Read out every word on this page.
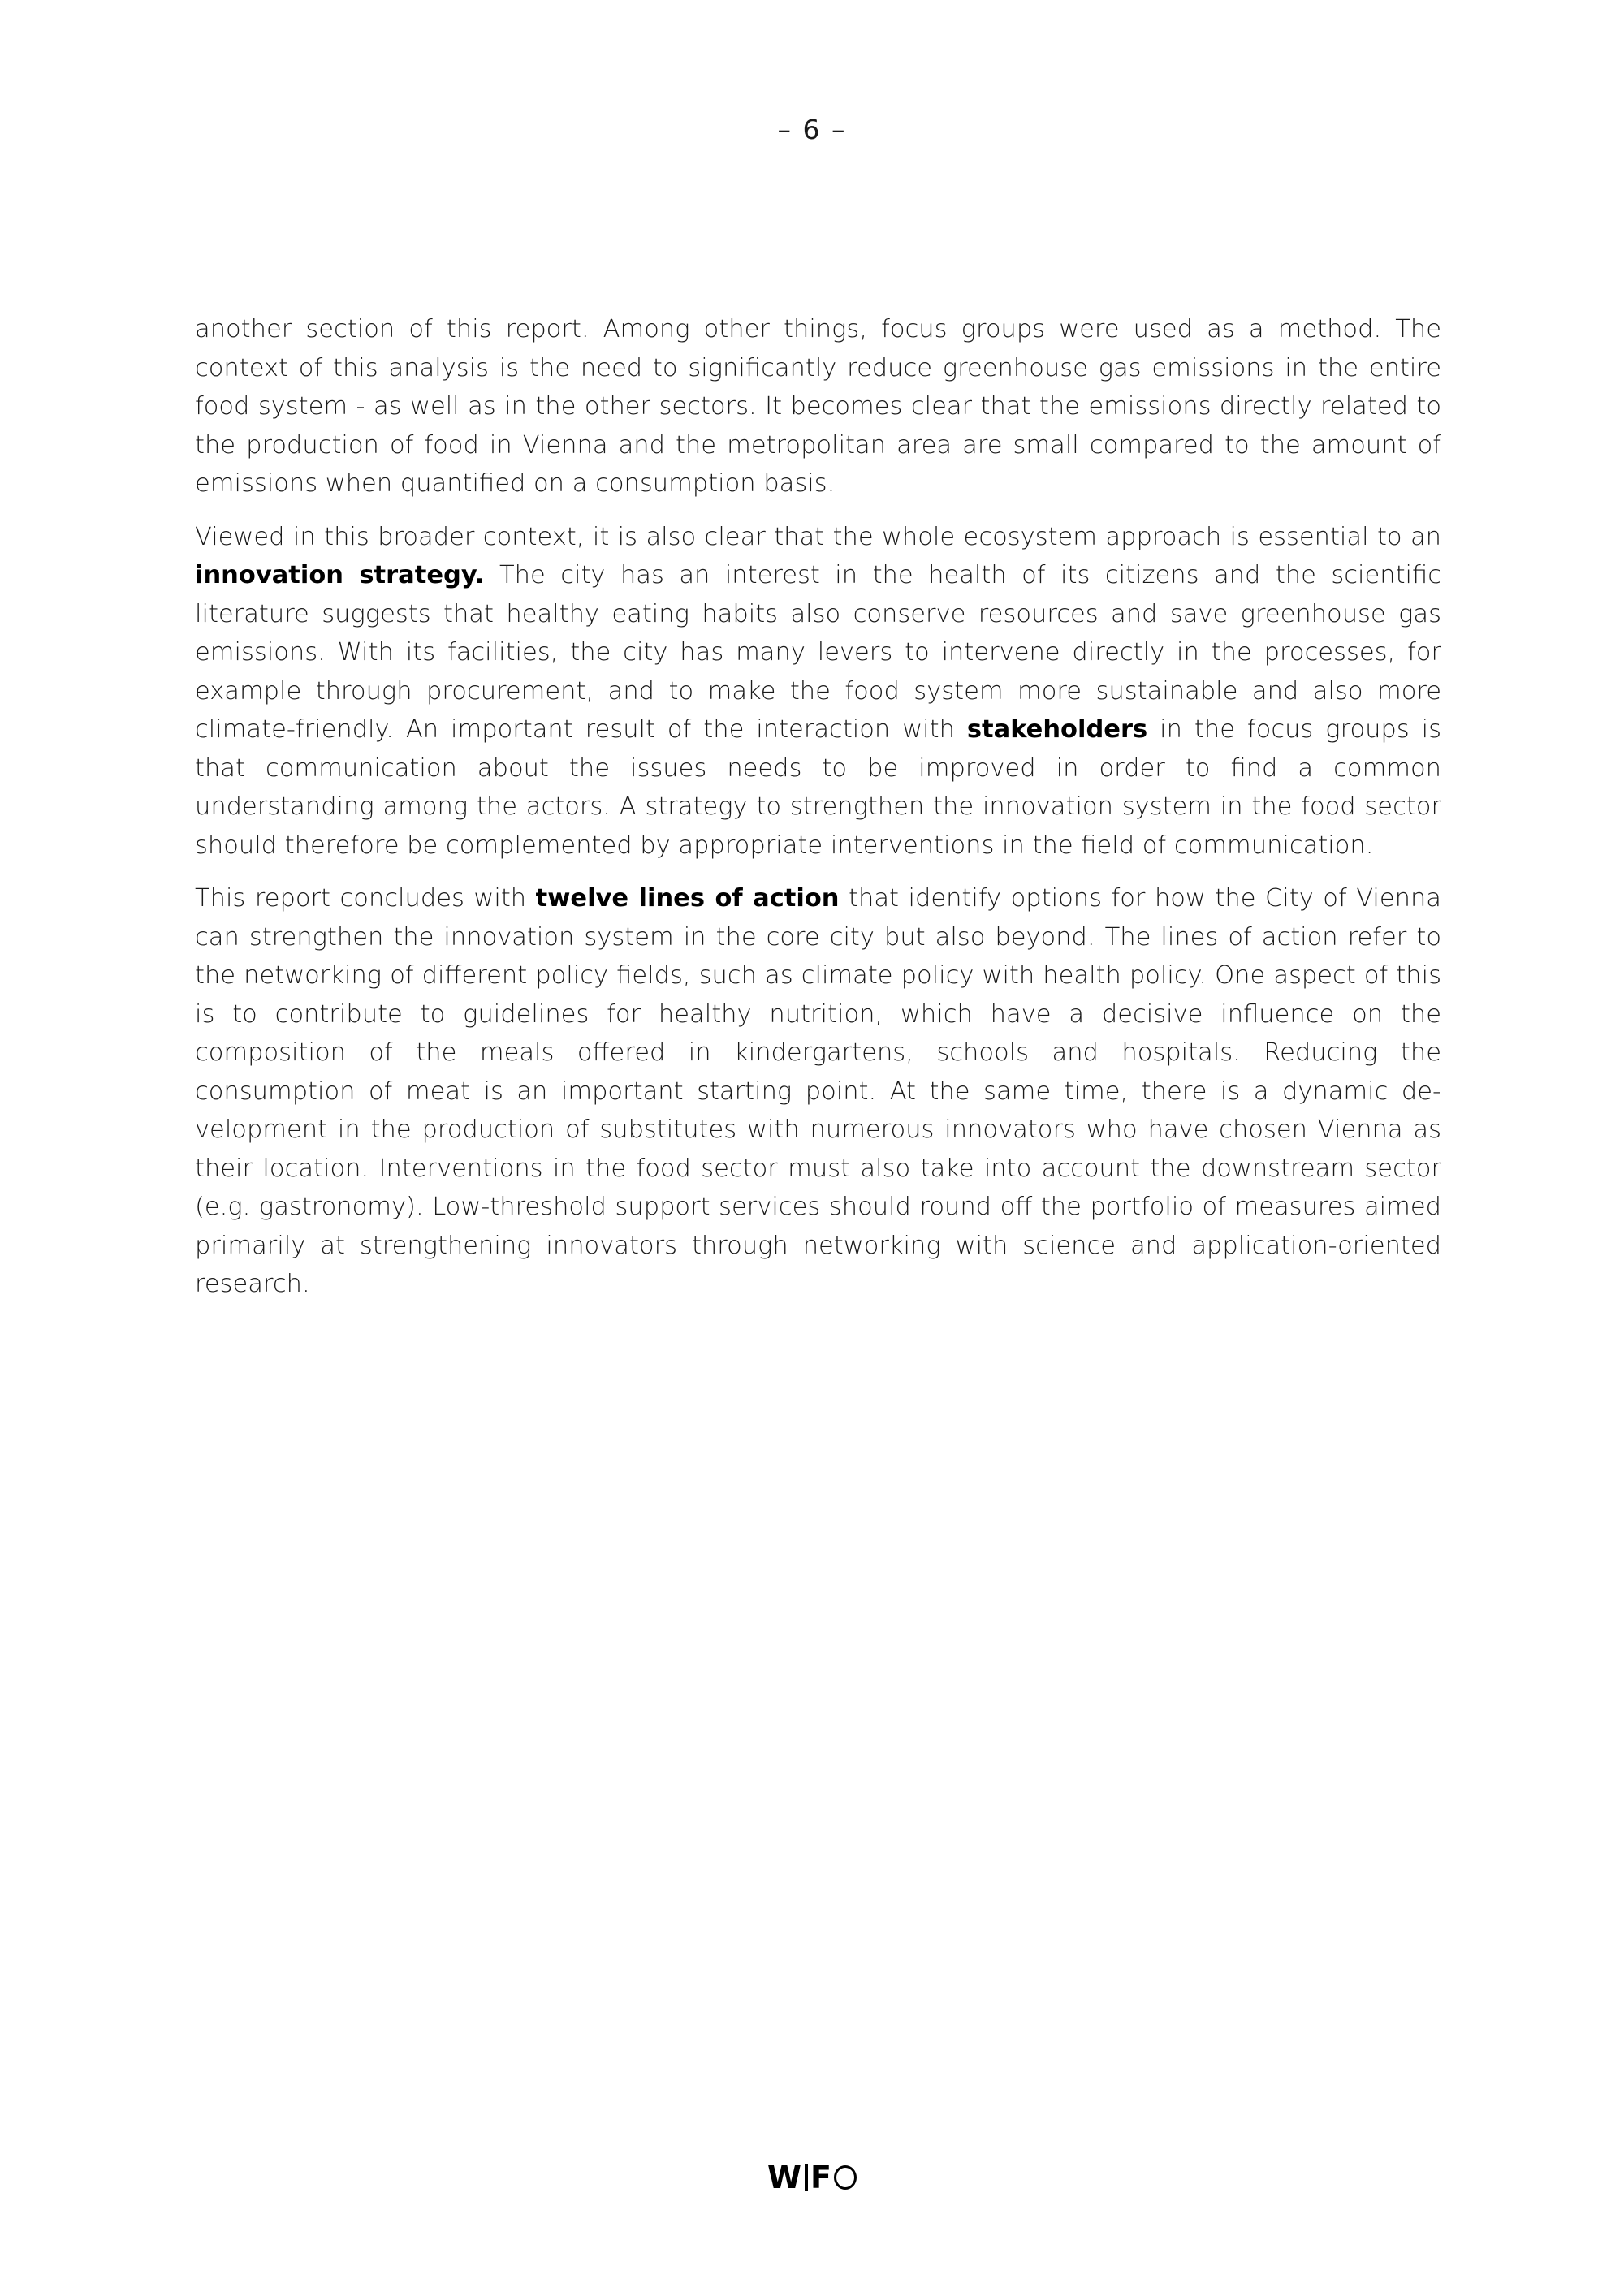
– 6 –

another section of this report. Among other things, focus groups were used as a method. The context of this analysis is the need to significantly reduce greenhouse gas emissions in the entire food system - as well as in the other sectors. It becomes clear that the emissions directly related to the production of food in Vienna and the metropolitan area are small compared to the amount of emissions when quantified on a consumption basis.

Viewed in this broader context, it is also clear that the whole ecosystem approach is essential to an innovation strategy. The city has an interest in the health of its citizens and the scientific literature suggests that healthy eating habits also conserve resources and save greenhouse gas emissions. With its facilities, the city has many levers to intervene directly in the processes, for example through procurement, and to make the food system more sustainable and also more climate-friendly. An important result of the interaction with stakeholders in the focus groups is that communication about the issues needs to be improved in order to find a common understanding among the actors. A strategy to strengthen the innovation system in the food sector should therefore be complemented by appropriate interventions in the field of communication.

This report concludes with twelve lines of action that identify options for how the City of Vienna can strengthen the innovation system in the core city but also beyond. The lines of action refer to the networking of different policy fields, such as climate policy with health policy. One aspect of this is to contribute to guidelines for healthy nutrition, which have a decisive influence on the composition of the meals offered in kindergartens, schools and hospitals. Reducing the consumption of meat is an important starting point. At the same time, there is a dynamic development in the production of substitutes with numerous innovators who have chosen Vienna as their location. Interventions in the food sector must also take into account the downstream sector (e.g. gastronomy). Low-threshold support services should round off the portfolio of measures aimed primarily at strengthening innovators through networking with science and application-oriented research.

W F
